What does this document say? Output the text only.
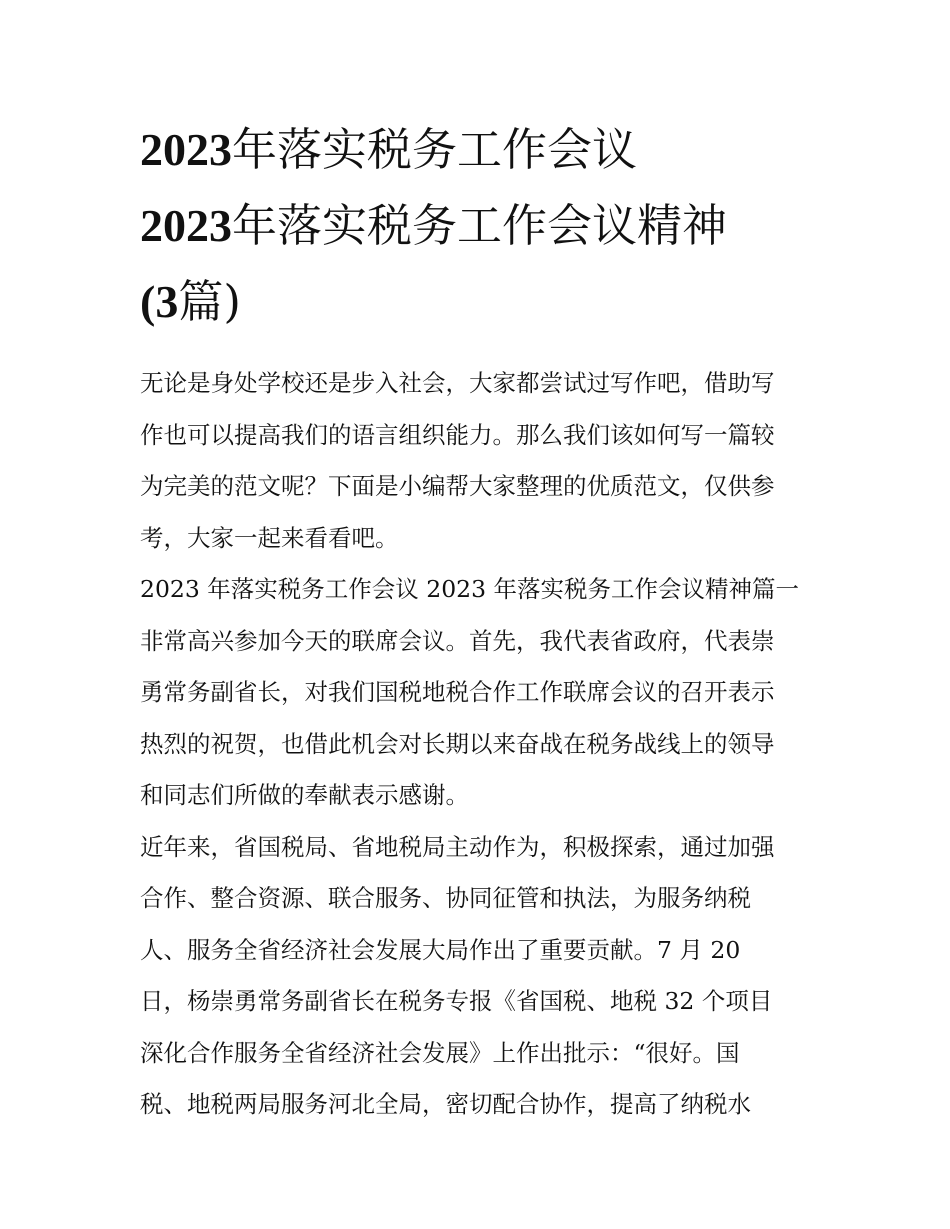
2023年落实税务工作会议
2023年落实税务工作会议精神
(3篇)

无论是身处学校还是步入社会，大家都尝试过写作吧，借助写
作也可以提高我们的语言组织能力。那么我们该如何写一篇较
为完美的范文呢？下面是小编帮大家整理的优质范文，仅供参
考，大家一起来看看吧。

2023 年落实税务工作会议 2023 年落实税务工作会议精神篇一
非常高兴参加今天的联席会议。首先，我代表省政府，代表崇
勇常务副省长，对我们国税地税合作工作联席会议的召开表示
热烈的祝贺，也借此机会对长期以来奋战在税务战线上的领导
和同志们所做的奉献表示感谢。

近年来，省国税局、省地税局主动作为，积极探索，通过加强
合作、整合资源、联合服务、协同征管和执法，为服务纳税
人、服务全省经济社会发展大局作出了重要贡献。7 月 20
日，杨崇勇常务副省长在税务专报《省国税、地税 32 个项目
深化合作服务全省经济社会发展》上作出批示：“很好。国
税、地税两局服务河北全局，密切配合协作，提高了纳税水
